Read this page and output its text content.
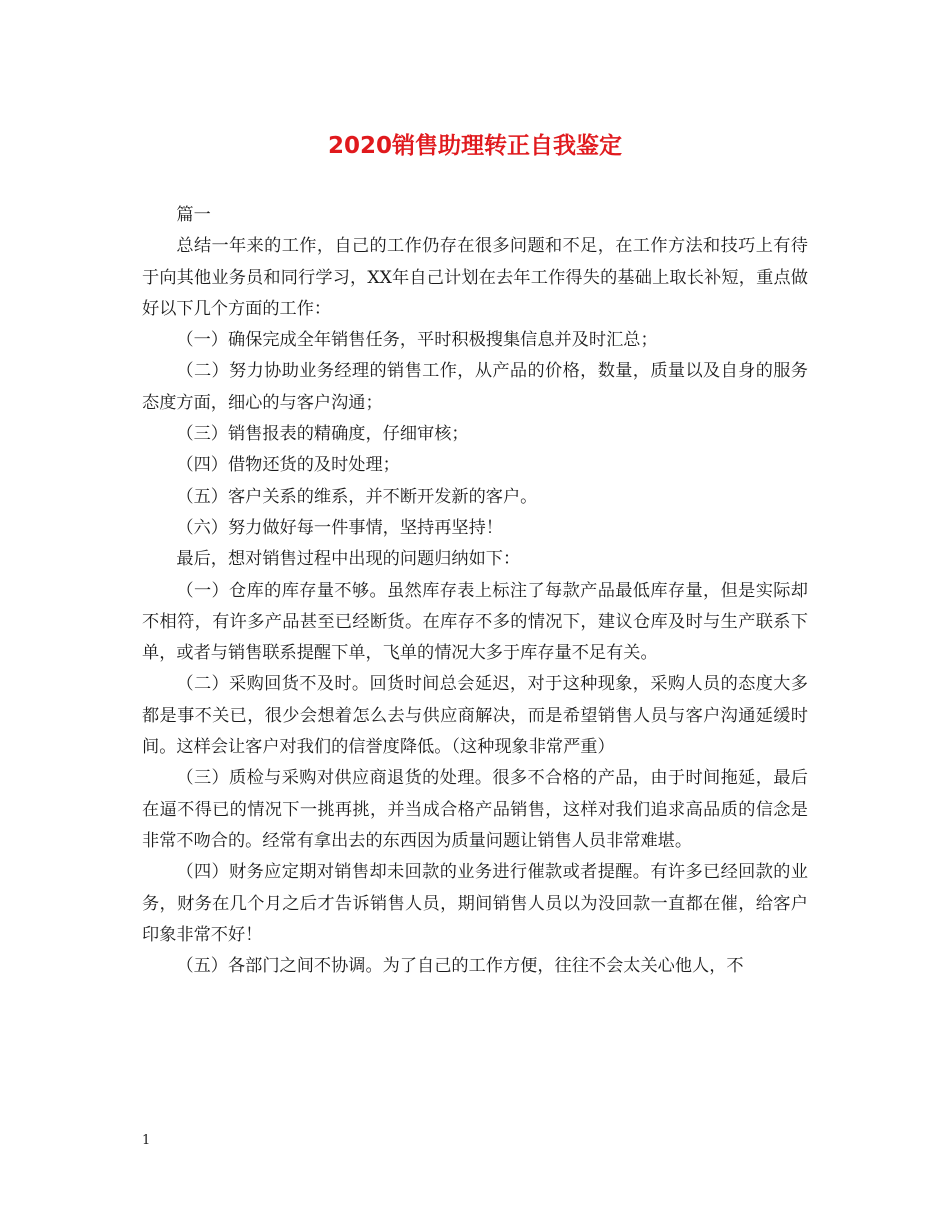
2020销售助理转正自我鉴定

篇一

总结一年来的工作，自己的工作仍存在很多问题和不足，在工作方法和技巧上有待于向其他业务员和同行学习，XX年自己计划在去年工作得失的基础上取长补短，重点做好以下几个方面的工作：

（一）确保完成全年销售任务，平时积极搜集信息并及时汇总；

（二）努力协助业务经理的销售工作，从产品的价格，数量，质量以及自身的服务态度方面，细心的与客户沟通；

（三）销售报表的精确度，仔细审核；

（四）借物还货的及时处理；

（五）客户关系的维系，并不断开发新的客户。

（六）努力做好每一件事情，坚持再坚持！

最后，想对销售过程中出现的问题归纳如下：

（一）仓库的库存量不够。虽然库存表上标注了每款产品最低库存量，但是实际却不相符，有许多产品甚至已经断货。在库存不多的情况下，建议仓库及时与生产联系下单，或者与销售联系提醒下单，飞单的情况大多于库存量不足有关。

（二）采购回货不及时。回货时间总会延迟，对于这种现象，采购人员的态度大多都是事不关已，很少会想着怎么去与供应商解决，而是希望销售人员与客户沟通延缓时间。这样会让客户对我们的信誉度降低。（这种现象非常严重）

（三）质检与采购对供应商退货的处理。很多不合格的产品，由于时间拖延，最后在逼不得已的情况下一挑再挑，并当成合格产品销售，这样对我们追求高品质的信念是非常不吻合的。经常有拿出去的东西因为质量问题让销售人员非常难堪。

（四）财务应定期对销售却未回款的业务进行催款或者提醒。有许多已经回款的业务，财务在几个月之后才告诉销售人员，期间销售人员以为没回款一直都在催，给客户印象非常不好！

（五）各部门之间不协调。为了自己的工作方便，往往不会太关心他人，不

1
